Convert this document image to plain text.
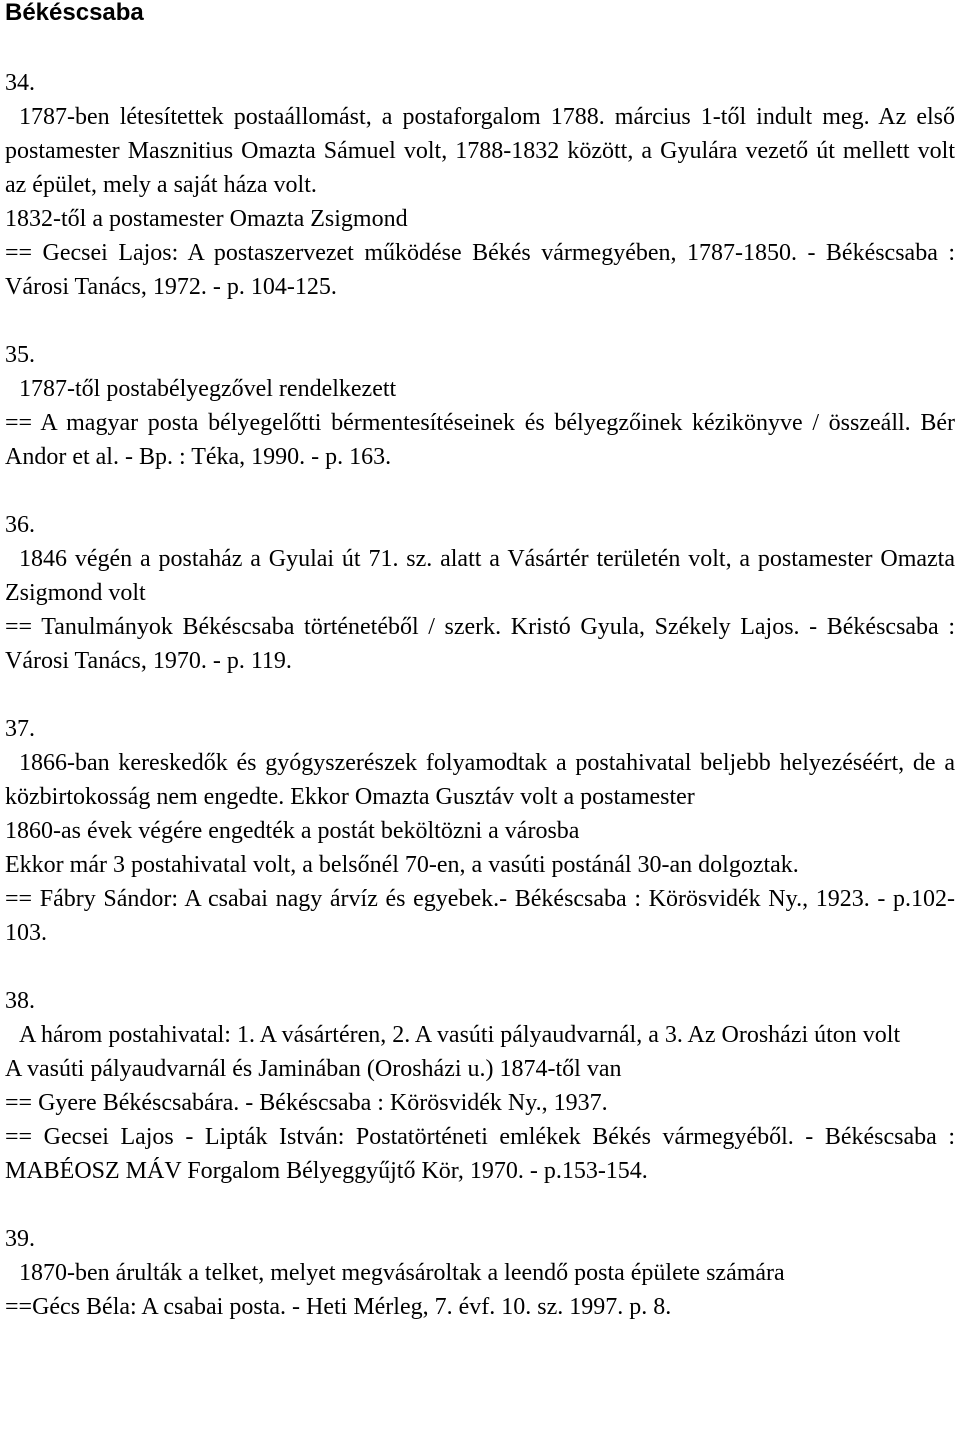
Békéscsaba
34.

1787-ben létesítettek postaállomást, a postaforgalom 1788. március 1-től indult meg. Az első postamester Masznitius Omazta Sámuel volt, 1788-1832 között, a Gyulára vezető út mellett volt az épület, mely a saját háza volt.

1832-től a postamester Omazta Zsigmond

== Gecsei Lajos: A postaszervezet működése Békés vármegyében, 1787-1850. - Békéscsaba : Városi Tanács, 1972. - p. 104-125.

35.

1787-től postabélyegzővel rendelkezett

== A magyar posta bélyegelőtti bérmentesítéseinek és bélyegzőinek kézikönyve / összeáll. Bér Andor et al. - Bp. : Téka, 1990. - p. 163.

36.

1846 végén a postaház a Gyulai út 71. sz. alatt a Vásártér területén volt, a postamester Omazta Zsigmond volt

== Tanulmányok Békéscsaba történetéből / szerk. Kristó Gyula, Székely Lajos. - Békéscsaba : Városi Tanács, 1970. - p. 119.

37.

1866-ban kereskedők és gyógyszerészek folyamodtak a postahivatal beljebb helyezéséért, de a közbirtokosság nem engedte. Ekkor Omazta Gusztáv volt a postamester

1860-as évek végére engedték a postát beköltözni a városba

Ekkor már 3 postahivatal volt, a belsőnél 70-en, a vasúti postánál 30-an dolgoztak.

== Fábry Sándor: A csabai nagy árvíz és egyebek.- Békéscsaba : Körösvidék Ny., 1923. - p.102-103.

38.

A három postahivatal: 1. A vásártéren, 2. A vasúti pályaudvarnál, a 3. Az Orosházi úton volt

A vasúti pályaudvarnál és Jaminában (Orosházi u.) 1874-től van

== Gyere Békéscsabára. - Békéscsaba : Körösvidék Ny., 1937.

== Gecsei Lajos - Lipták István: Postatörténeti emlékek Békés vármegyéből. - Békéscsaba : MABÉOSZ MÁV Forgalom Bélyeggyűjtő Kör, 1970. - p.153-154.

39.

1870-ben árulták a telket, melyet megvásároltak a leendő posta épülete számára

==Gécs Béla: A csabai posta. - Heti Mérleg, 7. évf. 10. sz. 1997. p. 8.
